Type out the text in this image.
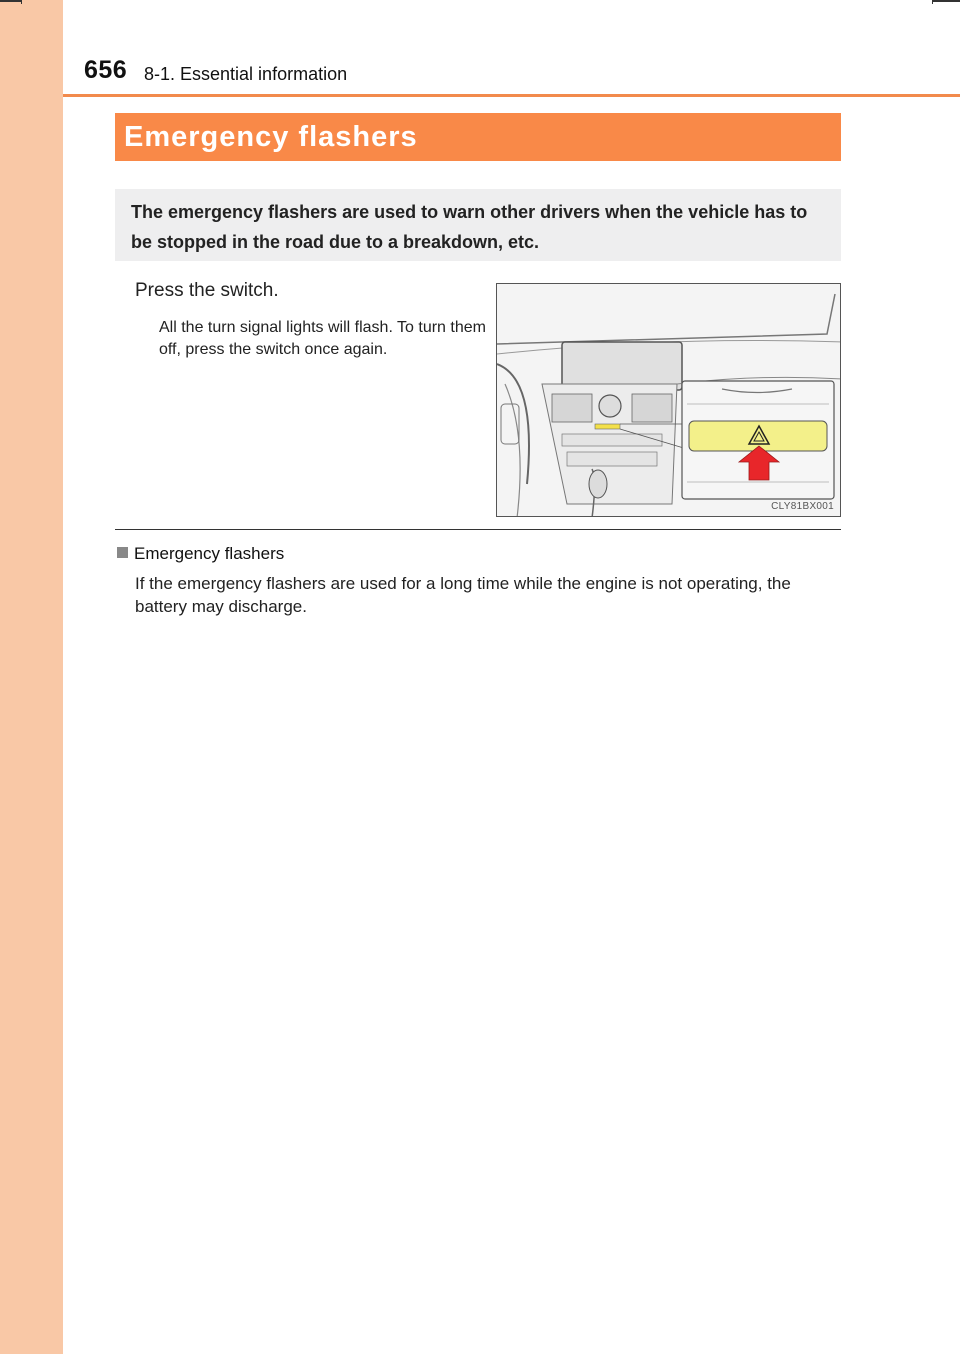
656 8-1. Essential information
Emergency flashers
The emergency flashers are used to warn other drivers when the vehicle has to be stopped in the road due to a breakdown, etc.
Press the switch.
All the turn signal lights will flash. To turn them off, press the switch once again.
CLY81BX001
Emergency flashers
If the emergency flashers are used for a long time while the engine is not operating, the battery may discharge.
